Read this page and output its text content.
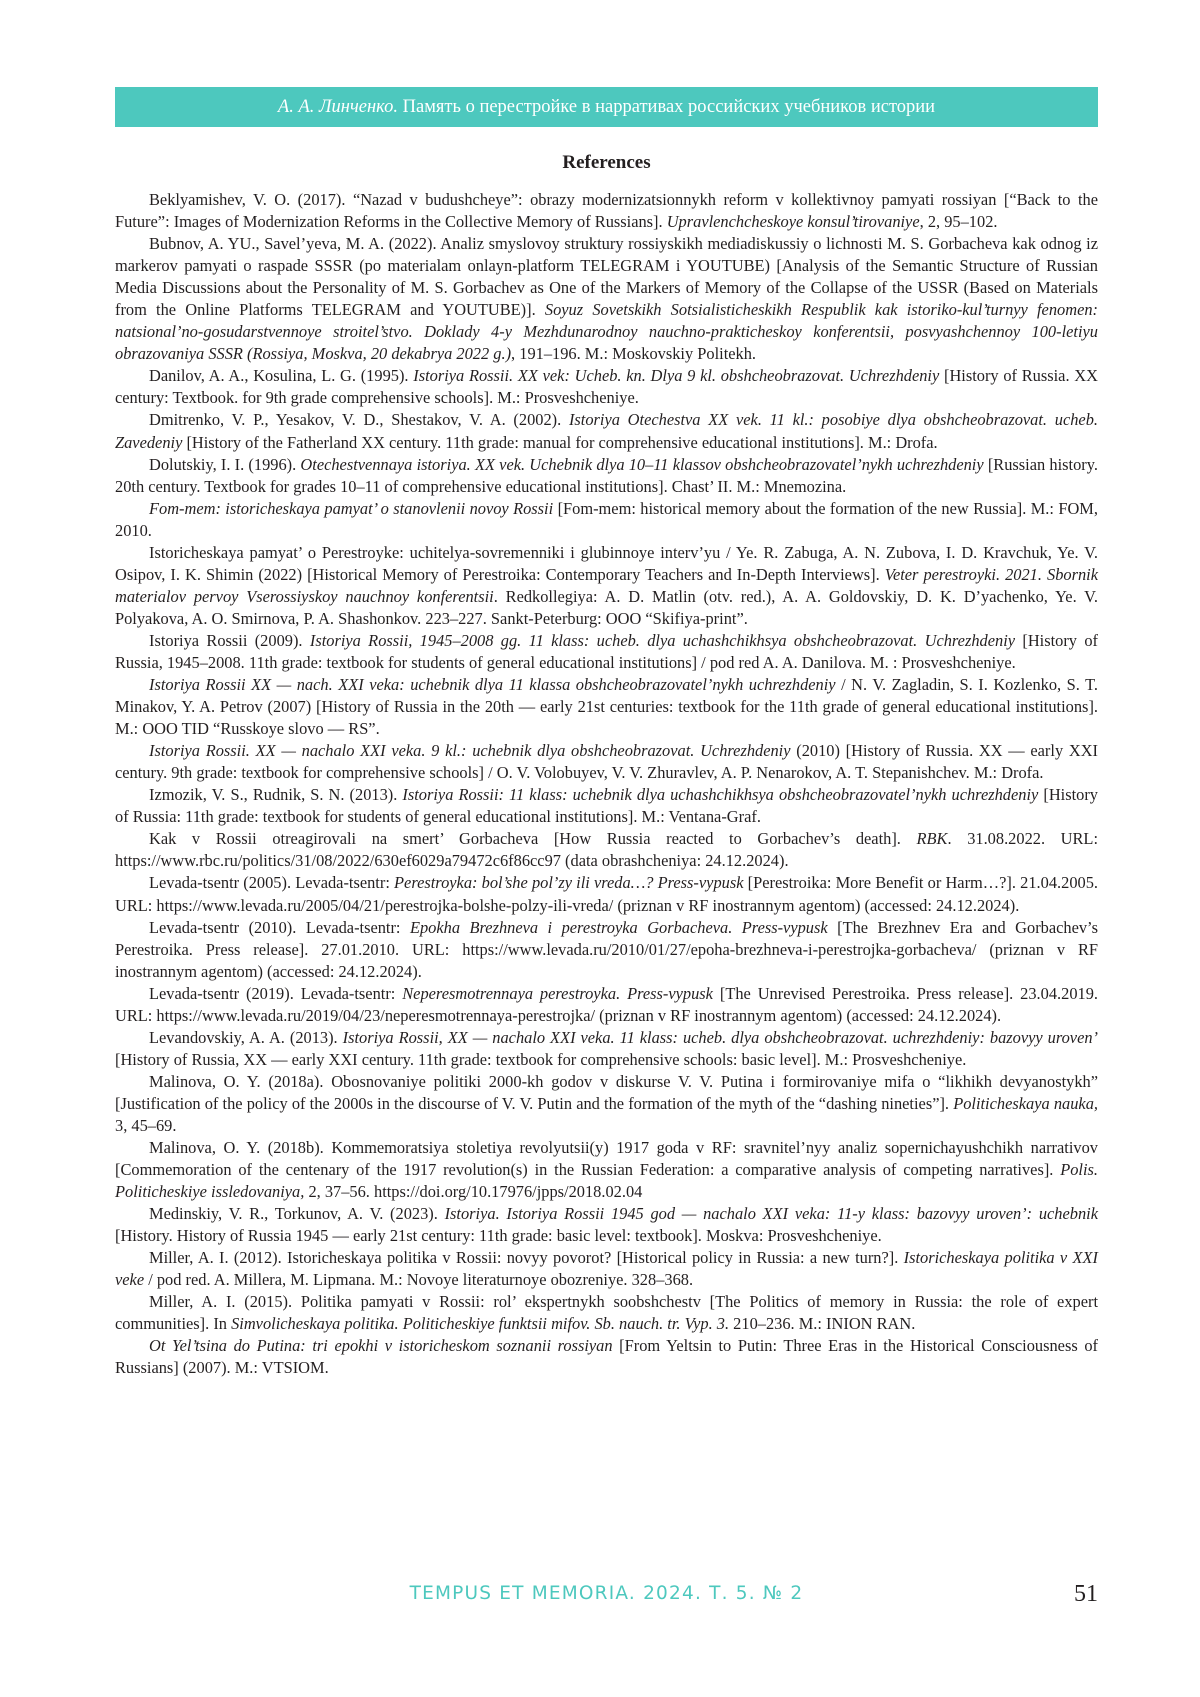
А. А. Линченко. Память о перестройке в нарративах российских учебников истории
References

Beklyamishev, V. O. (2017). “Nazad v budushcheye”: obrazy modernizatsionnykh reform v kollektivnoy pamyati rossiyan [“Back to the Future”: Images of Modernization Reforms in the Collective Memory of Russians]. Upravlenchcheskoye konsul’tirovaniye, 2, 95–102.

Bubnov, A. YU., Savel’yeva, M. A. (2022). Analiz smyslovoy struktury rossiyskikh mediadiskussiy o lichnosti M. S. Gorbacheva kak odnog iz markerov pamyati o raspade SSSR (po materialam onlayn-platform TELEGRAM i YOUTUBE) [Analysis of the Semantic Structure of Russian Media Discussions about the Personality of M. S. Gorbachev as One of the Markers of Memory of the Collapse of the USSR (Based on Materials from the Online Platforms TELEGRAM and YOUTUBE)]. Soyuz Sovetskikh Sotsialisticheskikh Respublik kak istoriko-kul’turnyy fenomen: natsional’no-gosudarstvennoye stroitel’stvo. Doklady 4-y Mezhdunarodnoy nauchno-prakticheskoy konferentsii, posvyashchennoy 100-letiyu obrazovaniya SSSR (Rossiya, Moskva, 20 dekabrya 2022 g.), 191–196. M.: Moskovskiy Politekh.

Danilov, A. A., Kosulina, L. G. (1995). Istoriya Rossii. XX vek: Ucheb. kn. Dlya 9 kl. obshcheobrazovat. Uchrezhdeniy [History of Russia. XX century: Textbook. for 9th grade comprehensive schools]. M.: Prosveshcheniye.

Dmitrenko, V. P., Yesakov, V. D., Shestakov, V. A. (2002). Istoriya Otechestva XX vek. 11 kl.: posobiye dlya obshcheobrazovat. ucheb. Zavedeniy [History of the Fatherland XX century. 11th grade: manual for comprehensive educational institutions]. M.: Drofa.

Dolutskiy, I. I. (1996). Otechestvennaya istoriya. XX vek. Uchebnik dlya 10–11 klassov obshcheobrazovatel’nykh uchrezhdeniy [Russian history. 20th century. Textbook for grades 10–11 of comprehensive educational institutions]. Chast’ II. M.: Mnemozina.

Fom-mem: istoricheskaya pamyat’ o stanovlenii novoy Rossii [Fom-mem: historical memory about the formation of the new Russia]. M.: FOM, 2010.

Istoricheskaya pamyat’ o Perestroyke: uchitelya-sovremenniki i glubinnoye interv’yu / Ye. R. Zabuga, A. N. Zubova, I. D. Kravchuk, Ye. V. Osipov, I. K. Shimin (2022) [Historical Memory of Perestroika: Contemporary Teachers and In-Depth Interviews]. Veter perestroyki. 2021. Sbornik materialov pervoy Vserossiyskoy nauchnoy konferentsii. Redkollegiya: A. D. Matlin (otv. red.), A. A. Goldovskiy, D. K. D’yachenko, Ye. V. Polyakova, A. O. Smirnova, P. A. Shashonkov. 223–227. Sankt-Peterburg: OOO “Skifiya-print”.

Istoriya Rossii (2009). Istoriya Rossii, 1945–2008 gg. 11 klass: ucheb. dlya uchashchikhsya obshcheobrazovat. Uchrezhdeniy [History of Russia, 1945–2008. 11th grade: textbook for students of general educational institutions] / pod red A. A. Danilova. M. : Prosveshcheniye.

Istoriya Rossii XX — nach. XXI veka: uchebnik dlya 11 klassa obshcheobrazovatel’nykh uchrezhdeniy / N. V. Zagladin, S. I. Kozlenko, S. T. Minakov, Y. A. Petrov (2007) [History of Russia in the 20th — early 21st centuries: textbook for the 11th grade of general educational institutions]. M.: OOO TID “Russkoye slovo — RS”.

Istoriya Rossii. XX — nachalo XXI veka. 9 kl.: uchebnik dlya obshcheobrazovat. Uchrezhdeniy (2010) [History of Russia. XX — early XXI century. 9th grade: textbook for comprehensive schools] / O. V. Volobuyev, V. V. Zhuravlev, A. P. Nenarokov, A. T. Stepanishchev. M.: Drofa.

Izmozik, V. S., Rudnik, S. N. (2013). Istoriya Rossii: 11 klass: uchebnik dlya uchashchikhsya obshcheobrazovatel’nykh uchrezhdeniy [History of Russia: 11th grade: textbook for students of general educational institutions]. M.: Ventana-Graf.

Kak v Rossii otreagirovali na smert’ Gorbacheva [How Russia reacted to Gorbachev’s death]. RBK. 31.08.2022. URL: https://www.rbc.ru/politics/31/08/2022/630ef6029a79472c6f86cc97 (data obrashcheniya: 24.12.2024).

Levada-tsentr (2005). Levada-tsentr: Perestroyka: bol’she pol’zy ili vreda…? Press-vypusk [Perestroika: More Benefit or Harm…?]. 21.04.2005. URL: https://www.levada.ru/2005/04/21/perestrojka-bolshe-polzy-ili-vreda/ (priznan v RF inostrannym agentom) (accessed: 24.12.2024).

Levada-tsentr (2010). Levada-tsentr: Epokha Brezhneva i perestroyka Gorbacheva. Press-vypusk [The Brezhnev Era and Gorbachev’s Perestroika. Press release]. 27.01.2010. URL: https://www.levada.ru/2010/01/27/epoha-brezhneva-i-perestrojka-gorbacheva/ (priznan v RF inostrannym agentom) (accessed: 24.12.2024).

Levada-tsentr (2019). Levada-tsentr: Neperesmotrennaya perestroyka. Press-vypusk [The Unrevised Perestroika. Press release]. 23.04.2019. URL: https://www.levada.ru/2019/04/23/neperesmotrennaya-perestrojka/ (priznan v RF inostrannym agentom) (accessed: 24.12.2024).

Levandovskiy, A. A. (2013). Istoriya Rossii, XX — nachalo XXI veka. 11 klass: ucheb. dlya obshcheobrazovat. uchrezhdeniy: bazovyy uroven’ [History of Russia, XX — early XXI century. 11th grade: textbook for comprehensive schools: basic level]. M.: Prosveshcheniye.

Malinova, O. Y. (2018a). Obosnovaniye politiki 2000-kh godov v diskurse V. V. Putina i formirovaniye mifa o “likhikh devyanostykh” [Justification of the policy of the 2000s in the discourse of V. V. Putin and the formation of the myth of the “dashing nineties”]. Politicheskaya nauka, 3, 45–69.

Malinova, O. Y. (2018b). Kommemoratsiya stoletiya revolyutsii(y) 1917 goda v RF: sravnitel’nyy analiz sopernichayushchikh narrativov [Commemoration of the centenary of the 1917 revolution(s) in the Russian Federation: a comparative analysis of competing narratives]. Polis. Politicheskiye issledovaniya, 2, 37–56. https://doi.org/10.17976/jpps/2018.02.04

Medinskiy, V. R., Torkunov, A. V. (2023). Istoriya. Istoriya Rossii 1945 god — nachalo XXI veka: 11-y klass: bazovyy uroven’: uchebnik [History. History of Russia 1945 — early 21st century: 11th grade: basic level: textbook]. Moskva: Prosveshcheniye.

Miller, A. I. (2012). Istoricheskaya politika v Rossii: novyy povorot? [Historical policy in Russia: a new turn?]. Istoricheskaya politika v XXI veke / pod red. A. Millera, M. Lipmana. M.: Novoye literaturnoye obozreniye. 328–368.

Miller, A. I. (2015). Politika pamyati v Rossii: rol’ ekspertnykh soobshchestv [The Politics of memory in Russia: the role of expert communities]. In Simvolicheskaya politika. Politicheskiye funktsii mifov. Sb. nauch. tr. Vyp. 3. 210–236. M.: INION RAN.

Ot Yel’tsina do Putina: tri epokhi v istoricheskom soznanii rossiyan [From Yeltsin to Putin: Three Eras in the Historical Consciousness of Russians] (2007). M.: VTSIOM.

TEMPUS ET MEMORIA. 2024. Т. 5. № 2	51
